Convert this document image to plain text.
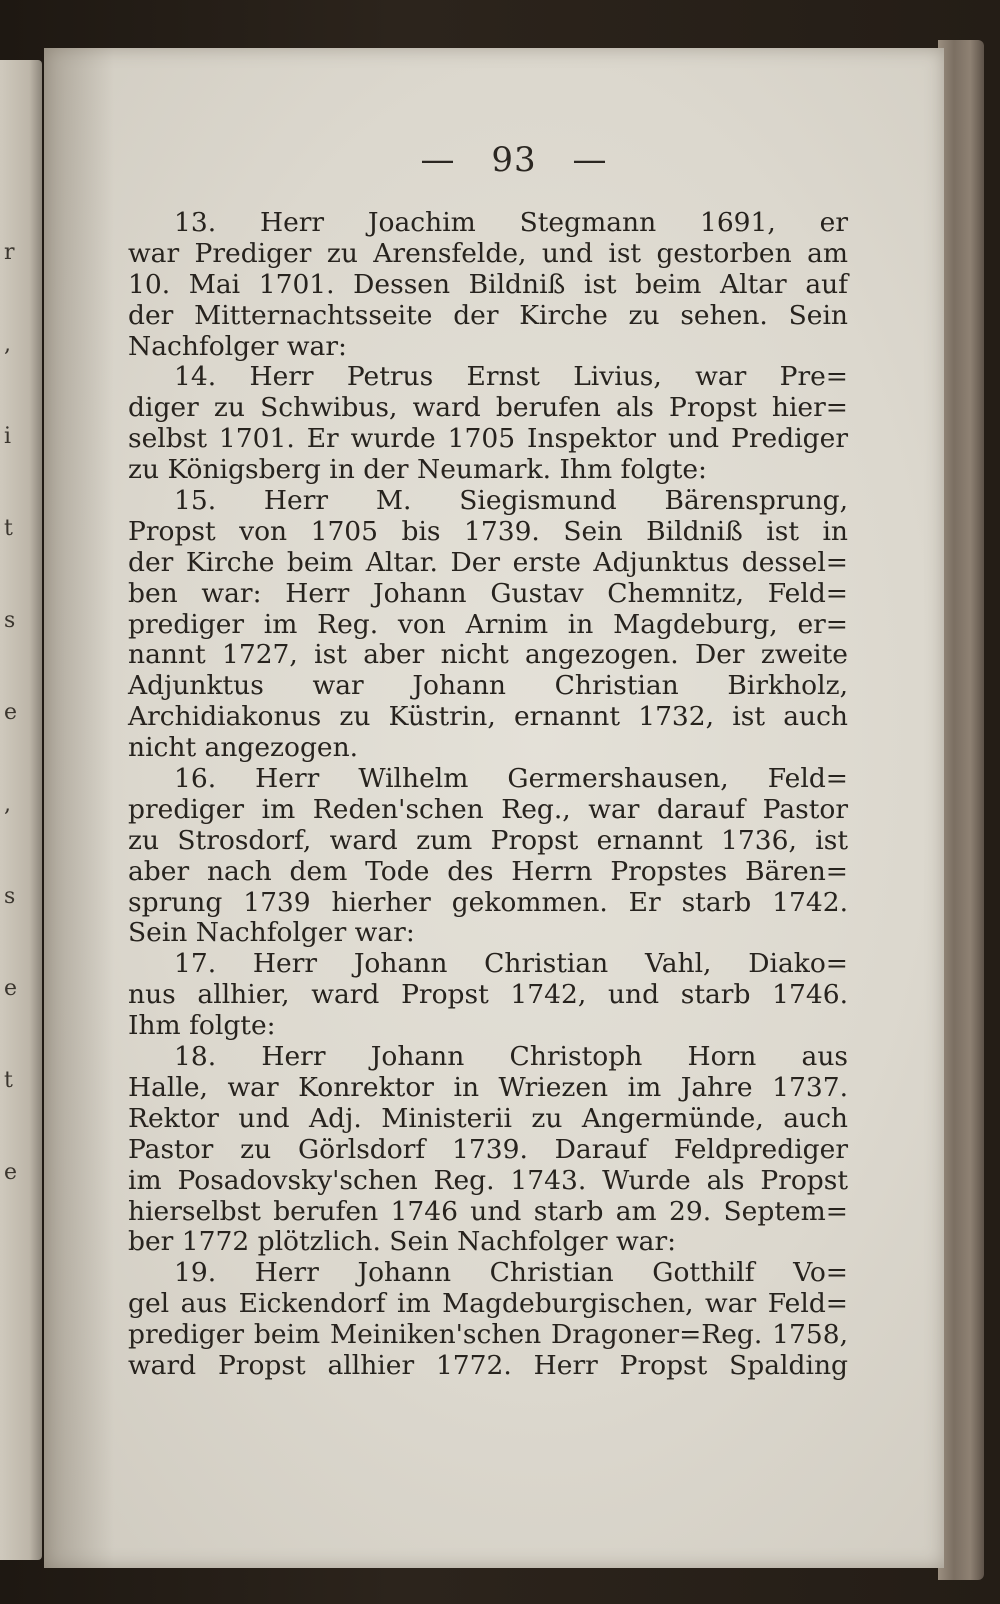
r
,
i
t
s
e
,
s
e
t
e
— 93 —
13. Herr Joachim Stegmann 1691, er
war Prediger zu Arensfelde, und ist gestorben am
10. Mai 1701. Dessen Bildniß ist beim Altar auf
der Mitternachtsseite der Kirche zu sehen. Sein
Nachfolger war:
14. Herr Petrus Ernst Livius, war Pre=
diger zu Schwibus, ward berufen als Propst hier=
selbst 1701. Er wurde 1705 Inspektor und Prediger
zu Königsberg in der Neumark. Ihm folgte:
15. Herr M. Siegismund Bärensprung,
Propst von 1705 bis 1739. Sein Bildniß ist in
der Kirche beim Altar. Der erste Adjunktus dessel=
ben war: Herr Johann Gustav Chemnitz, Feld=
prediger im Reg. von Arnim in Magdeburg, er=
nannt 1727, ist aber nicht angezogen. Der zweite
Adjunktus war Johann Christian Birkholz,
Archidiakonus zu Küstrin, ernannt 1732, ist auch
nicht angezogen.
16. Herr Wilhelm Germershausen, Feld=
prediger im Reden'schen Reg., war darauf Pastor
zu Strosdorf, ward zum Propst ernannt 1736, ist
aber nach dem Tode des Herrn Propstes Bären=
sprung 1739 hierher gekommen. Er starb 1742.
Sein Nachfolger war:
17. Herr Johann Christian Vahl, Diako=
nus allhier, ward Propst 1742, und starb 1746.
Ihm folgte:
18. Herr Johann Christoph Horn aus
Halle, war Konrektor in Wriezen im Jahre 1737.
Rektor und Adj. Ministerii zu Angermünde, auch
Pastor zu Görlsdorf 1739. Darauf Feldprediger
im Posadovsky'schen Reg. 1743. Wurde als Propst
hierselbst berufen 1746 und starb am 29. Septem=
ber 1772 plötzlich. Sein Nachfolger war:
19. Herr Johann Christian Gotthilf Vo=
gel aus Eickendorf im Magdeburgischen, war Feld=
prediger beim Meiniken'schen Dragoner=Reg. 1758,
ward Propst allhier 1772. Herr Propst Spalding
